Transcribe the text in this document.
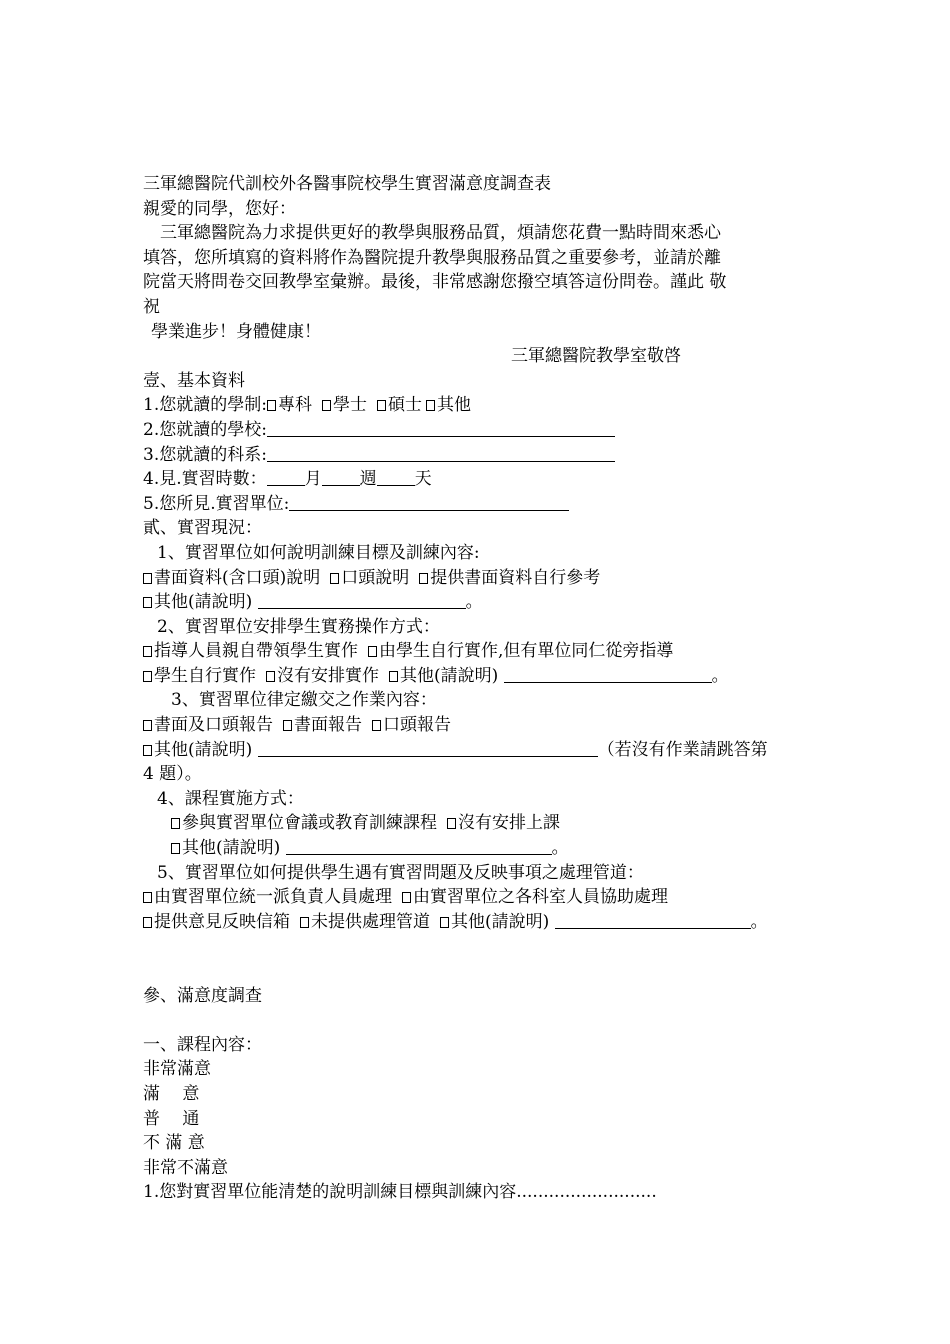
三軍總醫院代訓校外各醫事院校學生實習滿意度調查表
親愛的同學，您好：
三軍總醫院為力求提供更好的教學與服務品質，煩請您花費一點時間來悉心
填答，您所填寫的資料將作為醫院提升教學與服務品質之重要參考，並請於離
院當天將問卷交回教學室彙辦。最後，非常感謝您撥空填答這份問卷。謹此 敬
祝
學業進步！身體健康！
三軍總醫院教學室敬啓
壹、基本資料
1.您就讀的學制: 專科 學士 碩士 其他
2.您就讀的學校:
3.您就讀的科系:
4.見.實習時數： 月 週 天
5.您所見.實習單位:
貳、實習現況：
1、實習單位如何說明訓練目標及訓練內容:
書面資料(含口頭)說明 口頭說明 提供書面資料自行參考
其他(請說明)	。
2、實習單位安排學生實務操作方式：
指導人員親自帶領學生實作 由學生自行實作,但有單位同仁從旁指導
學生自行實作 沒有安排實作 其他(請說明)	。
3、實習單位律定繳交之作業內容：
書面及口頭報告 書面報告 口頭報告
其他(請說明)	（若沒有作業請跳答第
4 題）。
4、課程實施方式：
參與實習單位會議或教育訓練課程 沒有安排上課
其他(請說明)	。
5、實習單位如何提供學生遇有實習問題及反映事項之處理管道：
由實習單位統一派負責人員處理 由實習單位之各科室人員協助處理
提供意見反映信箱 未提供處理管道 其他(請說明)	。
參、滿意度調查
一、課程內容：
非常滿意
滿　 意
普　 通
不 滿 意
非常不滿意
1.您對實習單位能清楚的說明訓練目標與訓練內容..........................
